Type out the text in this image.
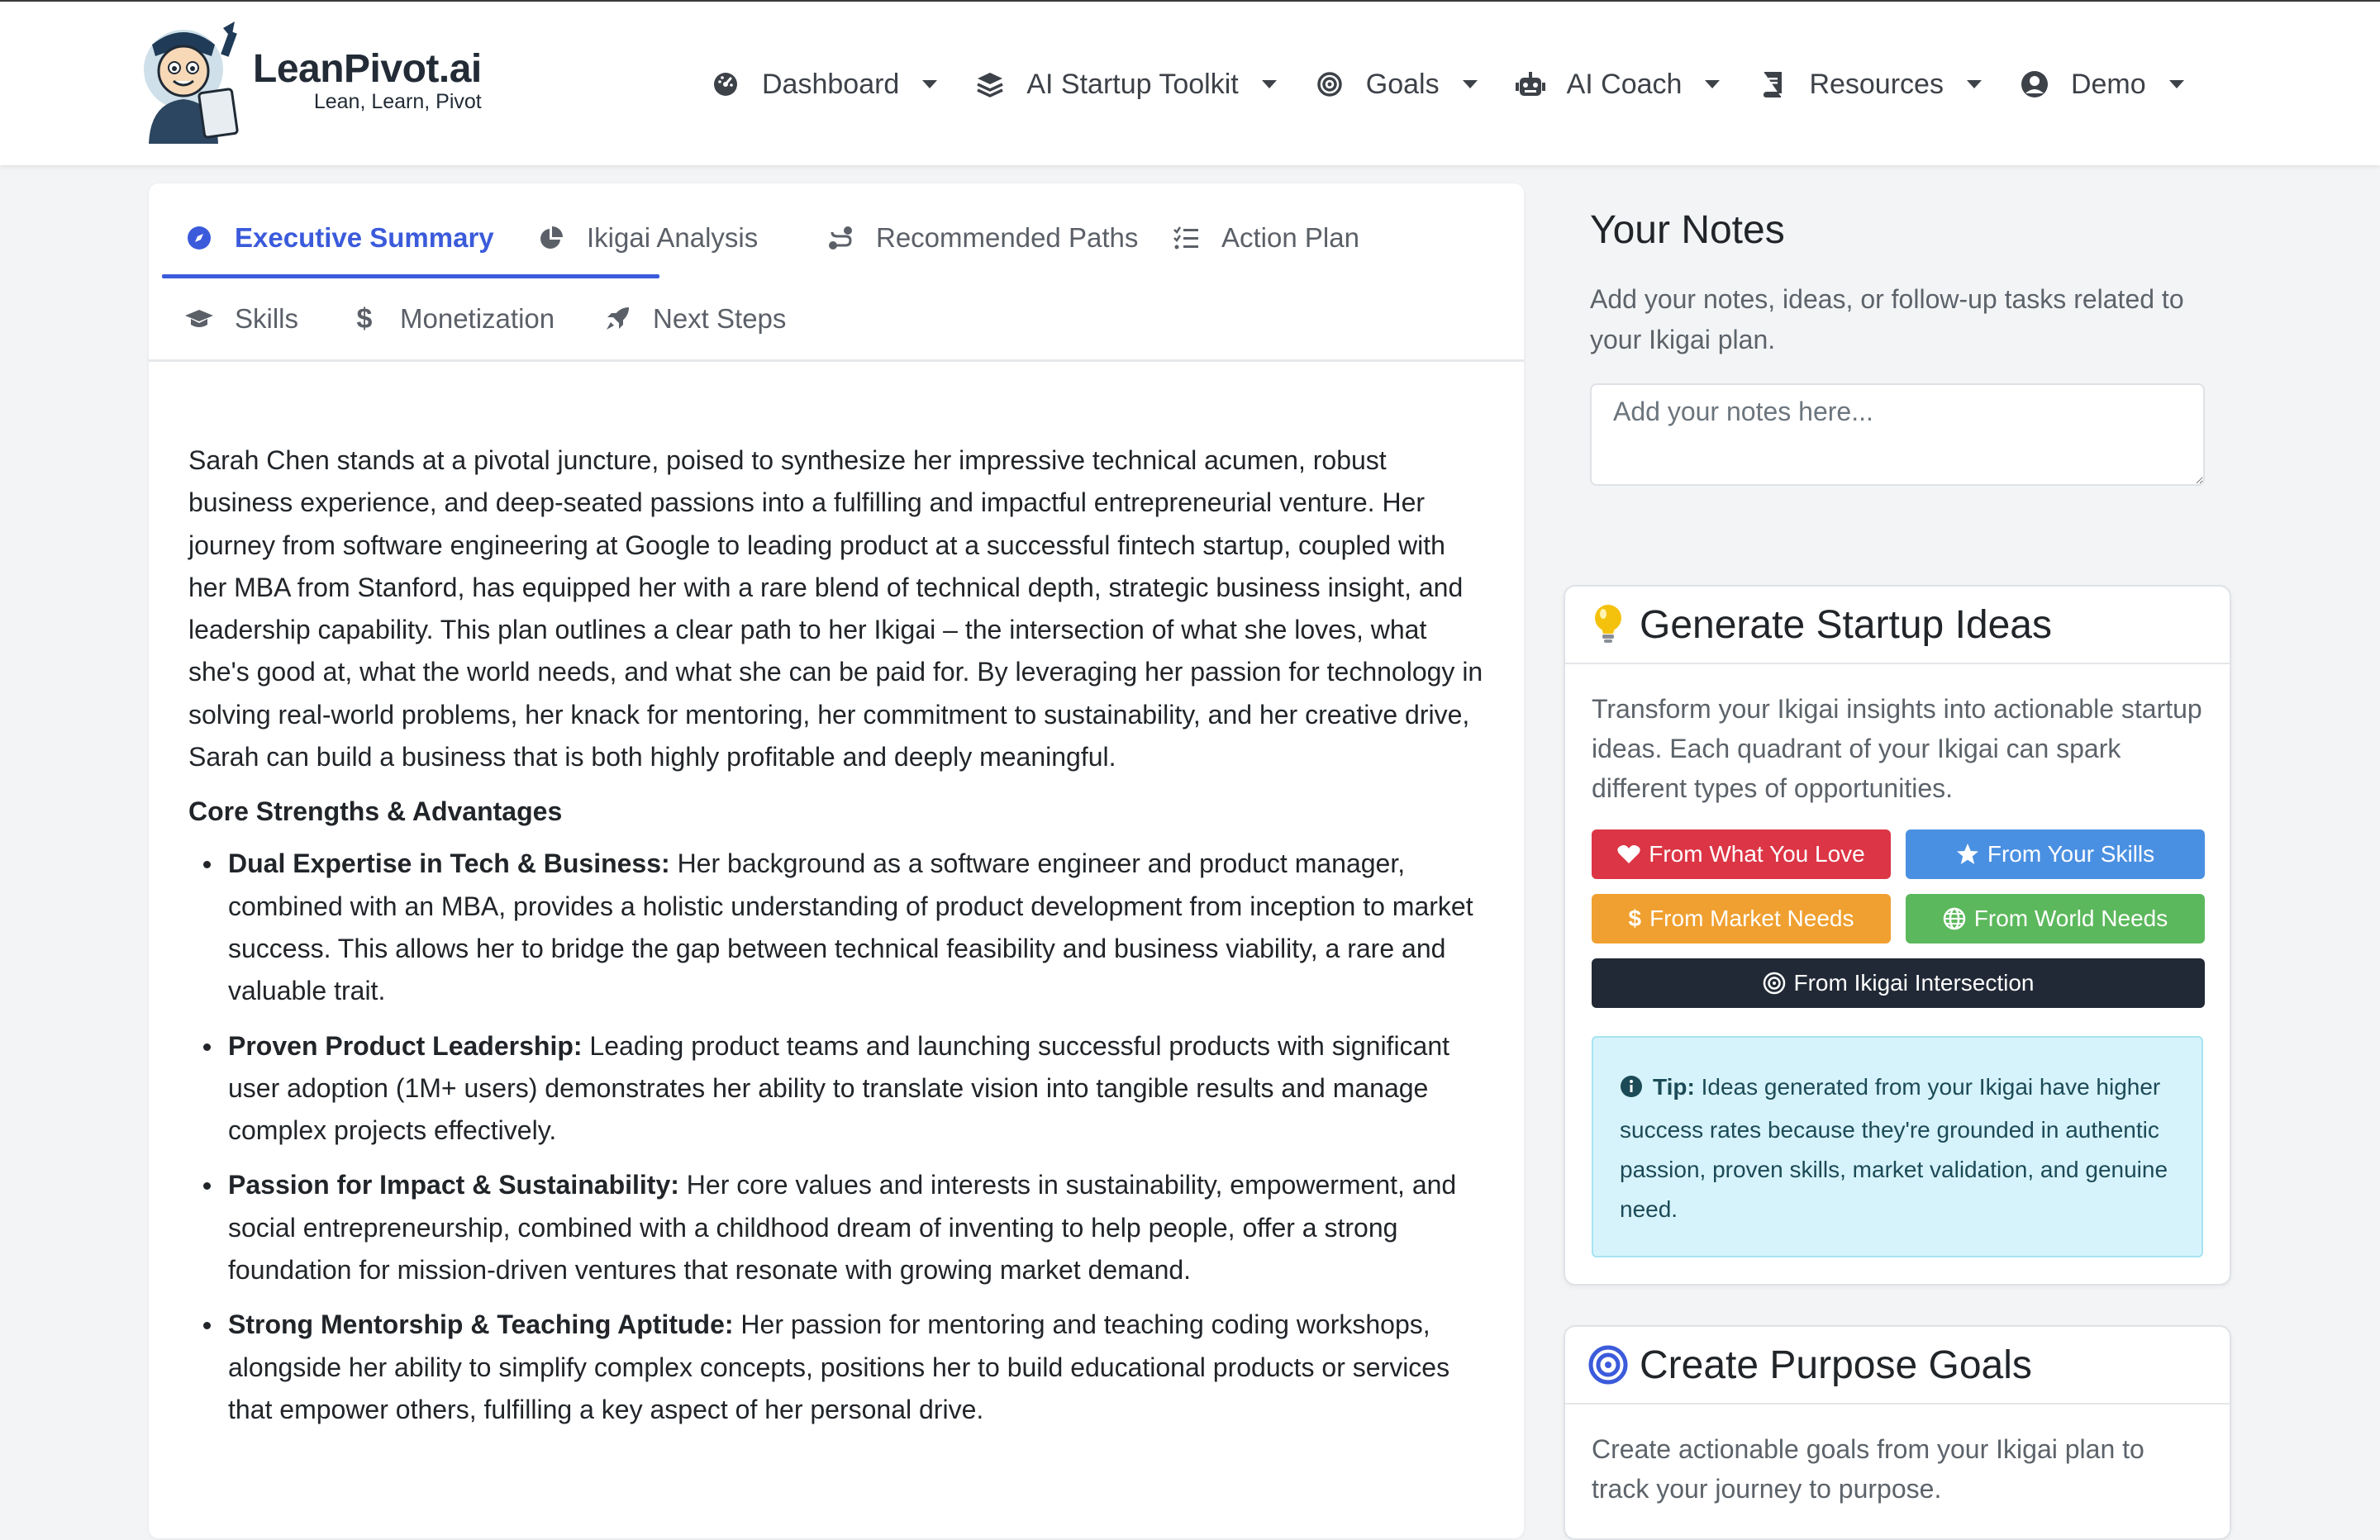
LeanPivot.ai
Lean, Learn, Pivot
Dashboard	AI Startup Toolkit	Goals	AI Coach	Resources	Demo
Executive Summary	Ikigai Analysis	Recommended Paths	Action Plan
Skills $ Monetization	Next Steps

Sarah Chen stands at a pivotal juncture, poised to synthesize her impressive technical acumen, robust business experience, and deep-seated passions into a fulfilling and impactful entrepreneurial venture. Her journey from software engineering at Google to leading product at a successful fintech startup, coupled with her MBA from Stanford, has equipped her with a rare blend of technical depth, strategic business insight, and leadership capability. This plan outlines a clear path to her Ikigai – the intersection of what she loves, what she's good at, what the world needs, and what she can be paid for. By leveraging her passion for technology in solving real-world problems, her knack for mentoring, her commitment to sustainability, and her creative drive, Sarah can build a business that is both highly profitable and deeply meaningful.

Core Strengths & Advantages
Dual Expertise in Tech & Business: Her background as a software engineer and product manager, combined with an MBA, provides a holistic understanding of product development from inception to market success. This allows her to bridge the gap between technical feasibility and business viability, a rare and valuable trait.
Proven Product Leadership: Leading product teams and launching successful products with significant user adoption (1M+ users) demonstrates her ability to translate vision into tangible results and manage complex projects effectively.
Passion for Impact & Sustainability: Her core values and interests in sustainability, empowerment, and social entrepreneurship, combined with a childhood dream of inventing to help people, offer a strong foundation for mission-driven ventures that resonate with growing market demand.
Strong Mentorship & Teaching Aptitude: Her passion for mentoring and teaching coding workshops, alongside her ability to simplify complex concepts, positions her to build educational products or services that empower others, fulfilling a key aspect of her personal drive.
Your Notes
Add your notes, ideas, or follow-up tasks related to your Ikigai plan.
Add your notes here...
Generate Startup Ideas
Transform your Ikigai insights into actionable startup ideas. Each quadrant of your Ikigai can spark different types of opportunities.
From What You Love	From Your Skills
$ From Market Needs	From World Needs
From Ikigai Intersection
Tip: Ideas generated from your Ikigai have higher success rates because they're grounded in authentic passion, proven skills, market validation, and genuine need.
Create Purpose Goals
Create actionable goals from your Ikigai plan to track your journey to purpose.
